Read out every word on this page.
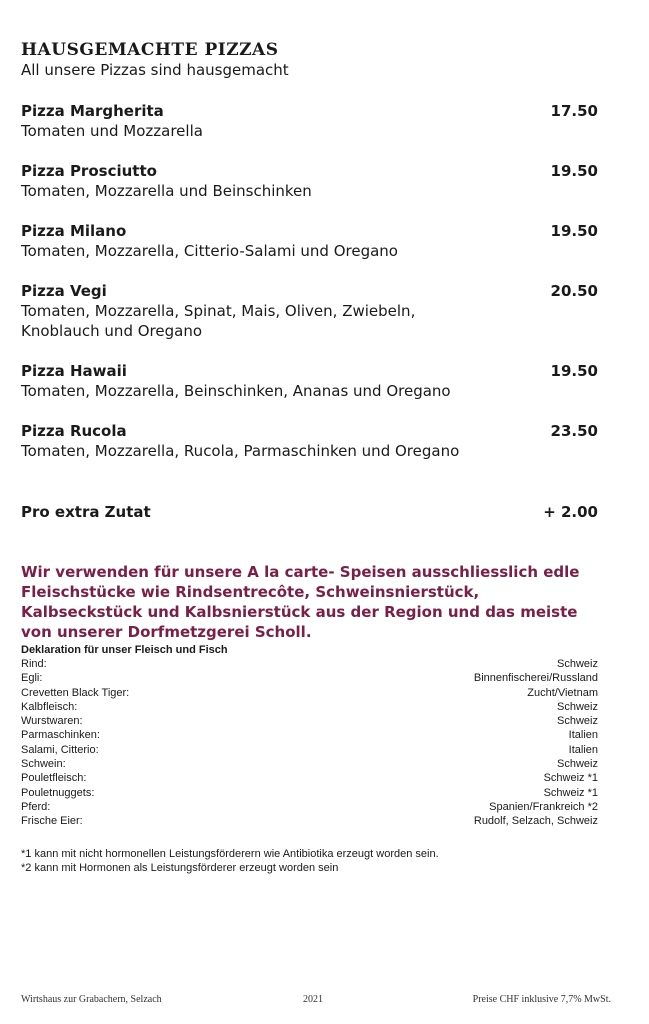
HAUSGEMACHTE PIZZAS
All unsere Pizzas sind hausgemacht
Pizza Margherita	17.50
Tomaten und Mozzarella
Pizza Prosciutto	19.50
Tomaten, Mozzarella und Beinschinken
Pizza Milano	19.50
Tomaten, Mozzarella, Citterio-Salami und Oregano
Pizza Vegi	20.50
Tomaten, Mozzarella, Spinat, Mais, Oliven, Zwiebeln, Knoblauch und Oregano
Pizza Hawaii	19.50
Tomaten, Mozzarella, Beinschinken, Ananas und Oregano
Pizza Rucola	23.50
Tomaten, Mozzarella, Rucola, Parmaschinken und Oregano
Pro extra Zutat	+ 2.00
Wir verwenden für unsere A la carte- Speisen ausschliesslich edle Fleischstücke wie Rindsentrecôte, Schweinsnierstück, Kalbseckstück und Kalbsnierstück aus der Region und das meiste von unserer Dorfmetzgerei Scholl.
Deklaration für unser Fleisch und Fisch
Rind:	Schweiz
Egli:	Binnenfischerei/Russland
Crevetten Black Tiger:	Zucht/Vietnam
Kalbfleisch:	Schweiz
Wurstwaren:	Schweiz
Parmaschinken:	Italien
Salami, Citterio:	Italien
Schwein:	Schweiz
Pouletfleisch:	Schweiz *1
Pouletnuggets:	Schweiz *1
Pferd:	Spanien/Frankreich *2
Frische Eier:	Rudolf, Selzach, Schweiz
*1 kann mit nicht hormonellen Leistungsförderern wie Antibiotika erzeugt worden sein.
*2 kann mit Hormonen als Leistungsförderer erzeugt worden sein
Wirtshaus zur Grabachern, Selzach	2021	Preise CHF inklusive 7,7% MwSt.
